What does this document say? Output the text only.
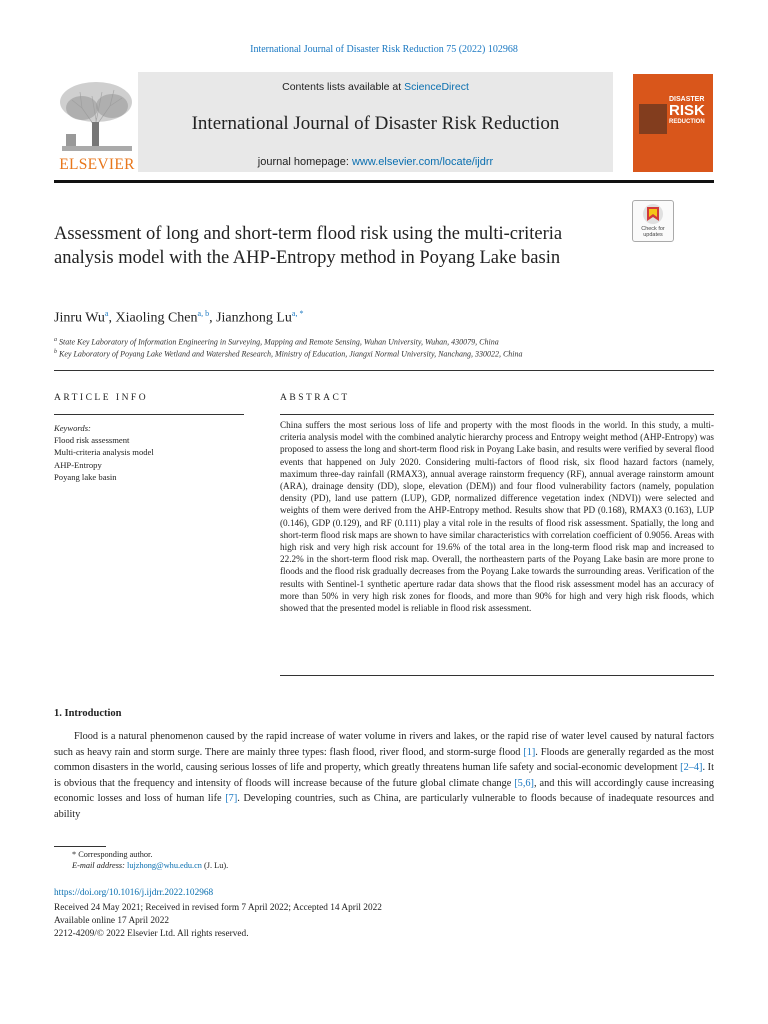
International Journal of Disaster Risk Reduction 75 (2022) 102968
ELSEVIER
Contents lists available at ScienceDirect
International Journal of Disaster Risk Reduction
journal homepage: www.elsevier.com/locate/ijdrr
DISASTER
RISK
REDUCTION
Check for updates
Assessment of long and short-term flood risk using the multi-criteria analysis model with the AHP-Entropy method in Poyang Lake basin
Jinru Wu$^a$, Xiaoling Chen$^{a, b}$, Jianzhong $Lu^{a, *}$
$^a$ State Key Laboratory of Information Engineering in Surveying, Mapping and Remote Sensing, Wuhan University, Wuhan, 430079, China
$^b$ Key Laboratory of Poyang Lake Wetland and Watershed Research, Ministry of Education, Jiangxi Normal University, Nanchang, 330022, China
ARTICLE INFO
Keywords:
Flood risk assessment
Multi-criteria analysis model
AHP-Entropy
Poyang lake basin
ABSTRACT
China suffers the most serious loss of life and property with the most floods in the world. In this study, a multi-criteria analysis model with the combined analytic hierarchy process and Entropy weight method (AHP-Entropy) was proposed to assess the long and short-term flood risk in Poyang Lake basin, and results were verified by several flood events that happened on July 2020. Considering multi-factors of flood risk, six flood hazard factors (namely, maximum three-day rainfall (RMAX3), annual average rainstorm frequency (RF), annual average rainstorm amount (ARA), drainage density (DD), slope, elevation (DEM)) and four flood vulnerability factors (namely, population density (PD), land use pattern (LUP), GDP, normalized difference vegetation index (NDVI)) were selected and weights of them were derived from the AHP-Entropy method. Results show that PD (0.168), RMAX3 (0.163), LUP (0.146), GDP (0.129), and RF (0.111) play a vital role in the results of flood risk assessment. Spatially, the long and short-term flood risk maps are shown to have similar characteristics with correlation coefficient of 0.9056. Areas with high risk and very high risk account for 19.6% of the total area in the long-term flood risk map and increased to 22.2% in the short-term flood risk map. Overall, the northeastern parts of the Poyang Lake basin are more prone to floods and the flood risk gradually decreases from the Poyang Lake towards the surrounding areas. Verification of the results with Sentinel-1 synthetic aperture radar data shows that the flood risk assessment model has an accuracy of more than 50% in very high risk zones for floods, and more than 90% for high and very high risk floods, which showed that the presented model is reliable in flood risk assessment.
1. Introduction
Flood is a natural phenomenon caused by the rapid increase of water volume in rivers and lakes, or the rapid rise of water level caused by natural factors such as heavy rain and storm surge. There are mainly three types: flash flood, river flood, and storm-surge flood [1]. Floods are generally regarded as the most common disasters in the world, causing serious losses of life and property, which greatly threatens human life safety and social-economic development [2–4]. It is obvious that the frequency and intensity of floods will increase because of the future global climate change [5,6], and this will accordingly cause increasing economic losses and loss of human life [7]. Developing countries, such as China, are particularly vulnerable to floods because of inadequate resources and ability
* Corresponding author.
E-mail address: lujzhong@whu.edu.cn (J. Lu).
https://doi.org/10.1016/j.ijdrr.2022.102968
Received 24 May 2021; Received in revised form 7 April 2022; Accepted 14 April 2022
Available online 17 April 2022
2212-4209/© 2022 Elsevier Ltd. All rights reserved.
